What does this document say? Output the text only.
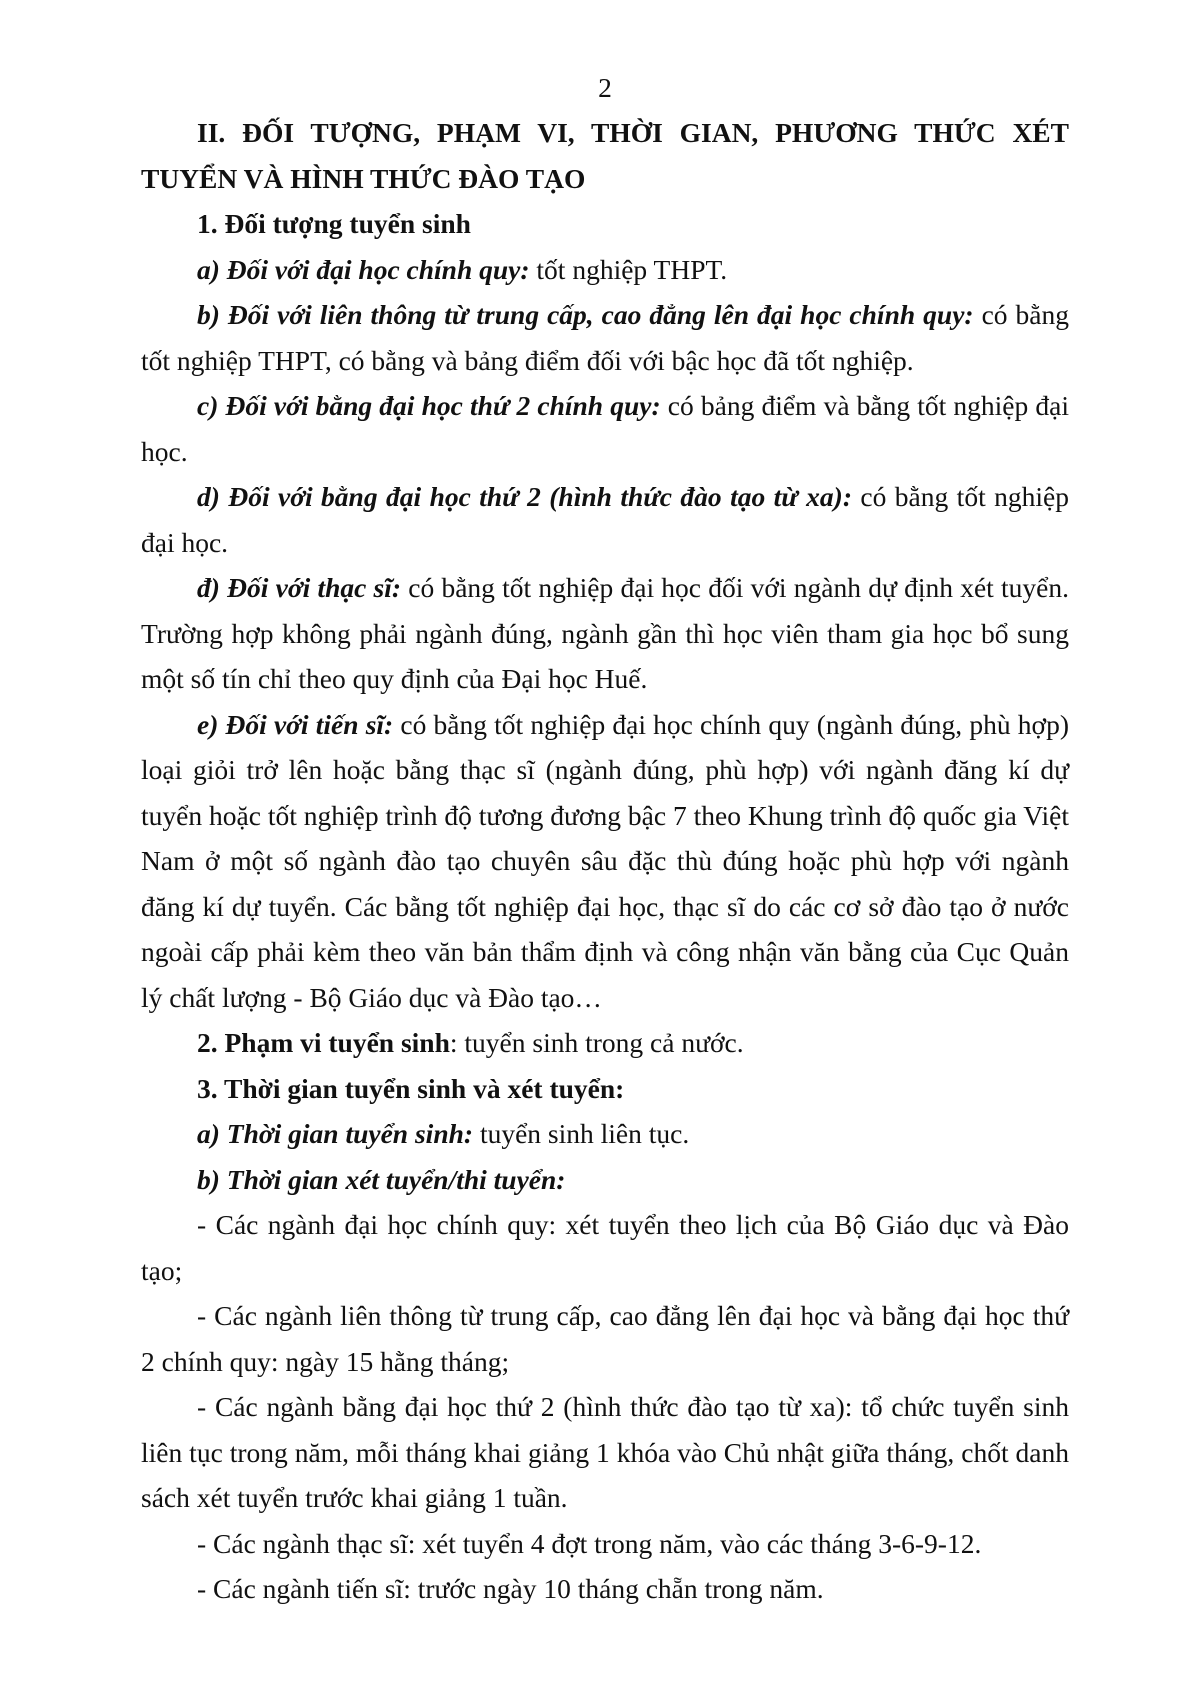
2

II. ĐỐI TƯỢNG, PHẠM VI, THỜI GIAN, PHƯƠNG THỨC XÉT TUYỂN VÀ HÌNH THỨC ĐÀO TẠO

1. Đối tượng tuyển sinh

a) Đối với đại học chính quy: tốt nghiệp THPT.

b) Đối với liên thông từ trung cấp, cao đẳng lên đại học chính quy: có bằng tốt nghiệp THPT, có bằng và bảng điểm đối với bậc học đã tốt nghiệp.

c) Đối với bằng đại học thứ 2 chính quy: có bảng điểm và bằng tốt nghiệp đại học.

d) Đối với bằng đại học thứ 2 (hình thức đào tạo từ xa): có bằng tốt nghiệp đại học.

đ) Đối với thạc sĩ: có bằng tốt nghiệp đại học đối với ngành dự định xét tuyển. Trường hợp không phải ngành đúng, ngành gần thì học viên tham gia học bổ sung một số tín chỉ theo quy định của Đại học Huế.

e) Đối với tiến sĩ: có bằng tốt nghiệp đại học chính quy (ngành đúng, phù hợp) loại giỏi trở lên hoặc bằng thạc sĩ (ngành đúng, phù hợp) với ngành đăng kí dự tuyển hoặc tốt nghiệp trình độ tương đương bậc 7 theo Khung trình độ quốc gia Việt Nam ở một số ngành đào tạo chuyên sâu đặc thù đúng hoặc phù hợp với ngành đăng kí dự tuyển. Các bằng tốt nghiệp đại học, thạc sĩ do các cơ sở đào tạo ở nước ngoài cấp phải kèm theo văn bản thẩm định và công nhận văn bằng của Cục Quản lý chất lượng - Bộ Giáo dục và Đào tạo…

2. Phạm vi tuyển sinh: tuyển sinh trong cả nước.

3. Thời gian tuyển sinh và xét tuyển:

a) Thời gian tuyển sinh: tuyển sinh liên tục.

b) Thời gian xét tuyển/thi tuyển:

- Các ngành đại học chính quy: xét tuyển theo lịch của Bộ Giáo dục và Đào tạo;

- Các ngành liên thông từ trung cấp, cao đẳng lên đại học và bằng đại học thứ 2 chính quy: ngày 15 hằng tháng;

- Các ngành bằng đại học thứ 2 (hình thức đào tạo từ xa): tổ chức tuyển sinh liên tục trong năm, mỗi tháng khai giảng 1 khóa vào Chủ nhật giữa tháng, chốt danh sách xét tuyển trước khai giảng 1 tuần.

- Các ngành thạc sĩ: xét tuyển 4 đợt trong năm, vào các tháng 3-6-9-12.

- Các ngành tiến sĩ: trước ngày 10 tháng chẵn trong năm.
